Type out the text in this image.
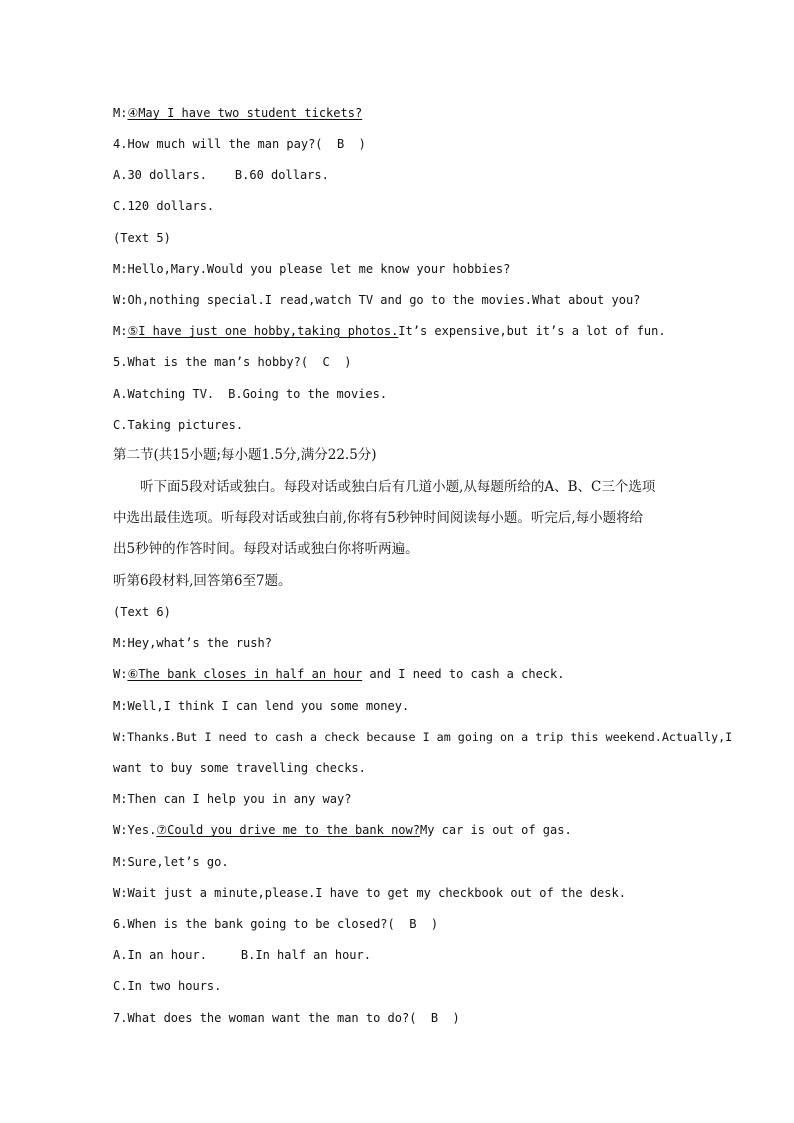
M:④May I have two student tickets?
4.How much will the man pay?(  B  )
A.30 dollars. B.60 dollars.
C.120 dollars.
(Text 5)
M:Hello,Mary.Would you please let me know your hobbies?
W:Oh,nothing special.I read,watch TV and go to the movies.What about you?
M:⑤I have just one hobby,taking photos.It’s expensive,but it’s a lot of fun.
5.What is the man’s hobby?(  C  )
A.Watching TV. B.Going to the movies.
C.Taking pictures.
第二节(共15小题;每小题1.5分,满分22.5分)
听下面5段对话或独白。每段对话或独白后有几道小题,从每题所给的A、B、C三个选项
中选出最佳选项。听每段对话或独白前,你将有5秒钟时间阅读每小题。听完后,每小题将给
出5秒钟的作答时间。每段对话或独白你将听两遍。
听第6段材料,回答第6至7题。
(Text 6)
M:Hey,what’s the rush?
W:⑥The bank closes in half an hour and I need to cash a check.
M:Well,I think I can lend you some money.
W:Thanks.But I need to cash a check because I am going on a trip this weekend.Actually,I
want to buy some travelling checks.
M:Then can I help you in any way?
W:Yes.⑦Could you drive me to the bank now?My car is out of gas.
M:Sure,let’s go.
W:Wait just a minute,please.I have to get my checkbook out of the desk.
6.When is the bank going to be closed?(  B  )
A.In an hour.	B.In half an hour.
C.In two hours.
7.What does the woman want the man to do?(  B  )
